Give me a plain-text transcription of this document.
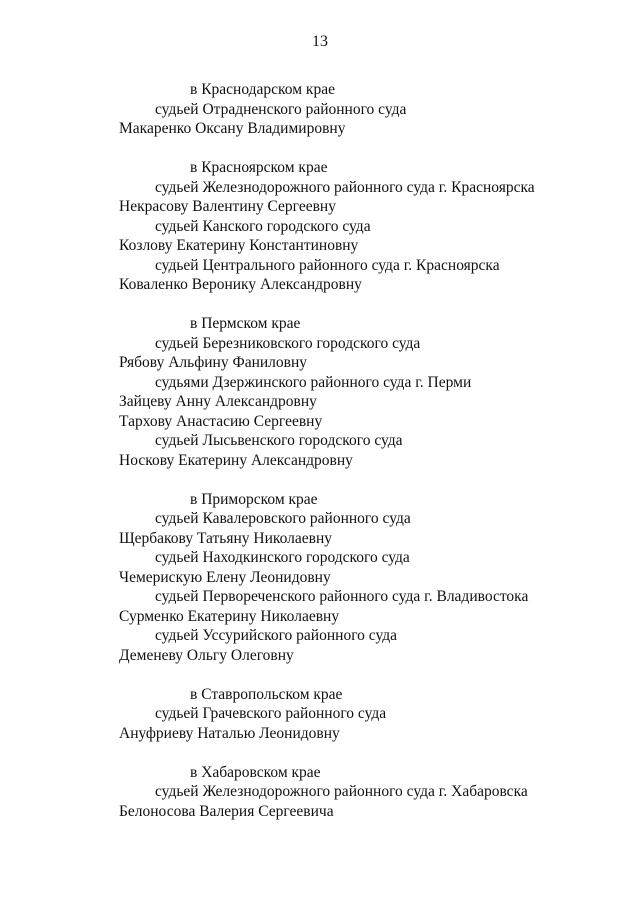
13
в Краснодарском крае
судьей Отрадненского районного суда
Макаренко Оксану Владимировну
в Красноярском крае
судьей Железнодорожного районного суда г. Красноярска
Некрасову Валентину Сергеевну
судьей Канского городского суда
Козлову Екатерину Константиновну
судьей Центрального районного суда г. Красноярска
Коваленко Веронику Александровну
в Пермском крае
судьей Березниковского городского суда
Рябову Альфину Фаниловну
судьями Дзержинского районного суда г. Перми
Зайцеву Анну Александровну
Тархову Анастасию Сергеевну
судьей Лысьвенского городского суда
Носкову Екатерину Александровну
в Приморском крае
судьей Кавалеровского районного суда
Щербакову Татьяну Николаевну
судьей Находкинского городского суда
Чемерискую Елену Леонидовну
судьей Первореченского районного суда г. Владивостока
Сурменко Екатерину Николаевну
судьей Уссурийского районного суда
Деменеву Ольгу Олеговну
в Ставропольском крае
судьей Грачевского районного суда
Ануфриеву Наталью Леонидовну
в Хабаровском крае
судьей Железнодорожного районного суда г. Хабаровска
Белоносова Валерия Сергеевича
